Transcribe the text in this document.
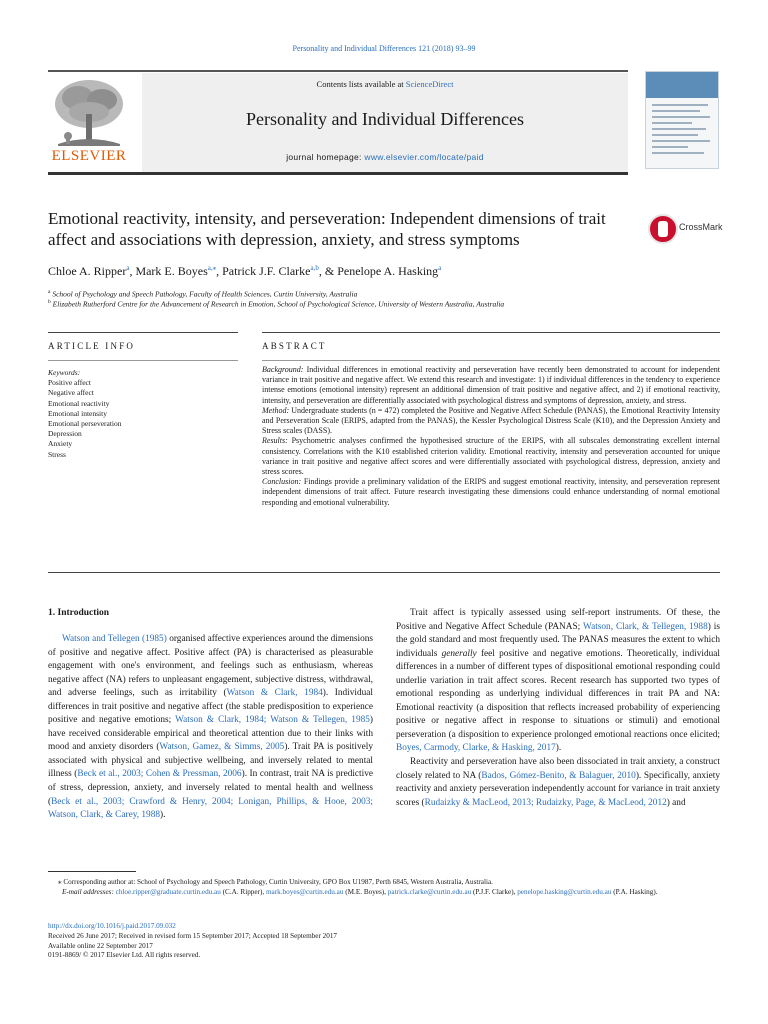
Personality and Individual Differences 121 (2018) 93–99
ELSEVIER
Contents lists available at ScienceDirect
Personality and Individual Differences
journal homepage: www.elsevier.com/locate/paid
Emotional reactivity, intensity, and perseveration: Independent dimensions of trait affect and associations with depression, anxiety, and stress symptoms
CrossMark
Chloe A. Ripper$^a$, Mark E. Boyes$^{a,⁎}$, Patrick J.F. Clarke$^{a,b}$, & Penelope A. Hasking$^a$
$^a$ School of Psychology and Speech Pathology, Faculty of Health Sciences, Curtin University, Australia
$^b$ Elizabeth Rutherford Centre for the Advancement of Research in Emotion, School of Psychological Science, University of Western Australia, Australia
ARTICLE INFO	ABSTRACT
Keywords:
Positive affect
Negative affect
Emotional reactivity
Emotional intensity
Emotional perseveration
Depression
Anxiety
Stress

Background: Individual differences in emotional reactivity and perseveration have recently been demonstrated to account for independent variance in trait positive and negative affect. We extend this research and investigate: 1) if individual differences in the tendency to experience intense emotions (emotional intensity) represent an additional dimension of trait positive and negative affect, and 2) if emotional reactivity, intensity, and perseveration are differentially associated with psychological distress and symptoms of depression, anxiety, and stress.

Method: Undergraduate students (n = 472) completed the Positive and Negative Affect Schedule (PANAS), the Emotional Reactivity Intensity and Perseveration Scale (ERIPS, adapted from the PANAS), the Kessler Psychological Distress Scale (K10), and the Depression Anxiety and Stress scales (DASS).

Results: Psychometric analyses confirmed the hypothesised structure of the ERIPS, with all subscales demonstrating excellent internal consistency. Correlations with the K10 established criterion validity. Emotional reactivity, intensity and perseveration accounted for unique variance in trait positive and negative affect scores and were differentially associated with psychological distress, depression, anxiety and stress scores.

Conclusion: Findings provide a preliminary validation of the ERIPS and suggest emotional reactivity, intensity, and perseveration represent independent dimensions of trait affect. Future research investigating these dimensions could enhance understanding of normal emotional responding and emotional vulnerability.

1. Introduction

Watson and Tellegen (1985) organised affective experiences around the dimensions of positive and negative affect. Positive affect (PA) is characterised as pleasurable engagement with one's environment, and feelings such as enthusiasm, whereas negative affect (NA) refers to unpleasant engagement, subjective distress, withdrawal, and adverse feelings, such as irritability (Watson & Clark, 1984). Individual differences in trait positive and negative affect (the stable predisposition to experience positive and negative emotions; Watson & Clark, 1984; Watson & Tellegen, 1985) have received considerable empirical and theoretical attention due to their links with mood and anxiety disorders (Watson, Gamez, & Simms, 2005). Trait PA is positively associated with physical and subjective wellbeing, and inversely related to mental illness (Beck et al., 2003; Cohen & Pressman, 2006). In contrast, trait NA is predictive of stress, depression, anxiety, and inversely related to mental health and wellness (Beck et al., 2003; Crawford & Henry, 2004; Lonigan, Phillips, & Hooe, 2003; Watson, Clark, & Carey, 1988).

Trait affect is typically assessed using self-report instruments. Of these, the Positive and Negative Affect Schedule (PANAS; Watson, Clark, & Tellegen, 1988) is the gold standard and most frequently used. The PANAS measures the extent to which individuals generally feel positive and negative emotions. Theoretically, individual differences in a number of different types of dispositional emotional responding could underlie variation in trait affect scores. Recent research has supported two types of emotional responding as underlying individual differences in trait PA and NA: Emotional reactivity (a disposition that reflects increased probability of experiencing positive or negative affect in response to situations or stimuli) and emotional perseveration (a disposition to experience prolonged emotional reactions once elicited; Boyes, Carmody, Clarke, & Hasking, 2017).

Reactivity and perseveration have also been dissociated in trait anxiety, a construct closely related to NA (Bados, Gómez-Benito, & Balaguer, 2010). Specifically, anxiety reactivity and anxiety perseveration independently account for variance in trait anxiety scores (Rudaizky & MacLeod, 2013; Rudaizky, Page, & MacLeod, 2012) and

⁎ Corresponding author at: School of Psychology and Speech Pathology, Curtin University, GPO Box U1987, Perth 6845, Western Australia, Australia.

E-mail addresses: chloe.ripper@graduate.curtin.edu.au (C.A. Ripper), mark.boyes@curtin.edu.au (M.E. Boyes), patrick.clarke@curtin.edu.au (P.J.F. Clarke), penelope.hasking@curtin.edu.au (P.A. Hasking).

http://dx.doi.org/10.1016/j.paid.2017.09.032

Received 26 June 2017; Received in revised form 15 September 2017; Accepted 18 September 2017

Available online 22 September 2017

0191-8869/ © 2017 Elsevier Ltd. All rights reserved.
